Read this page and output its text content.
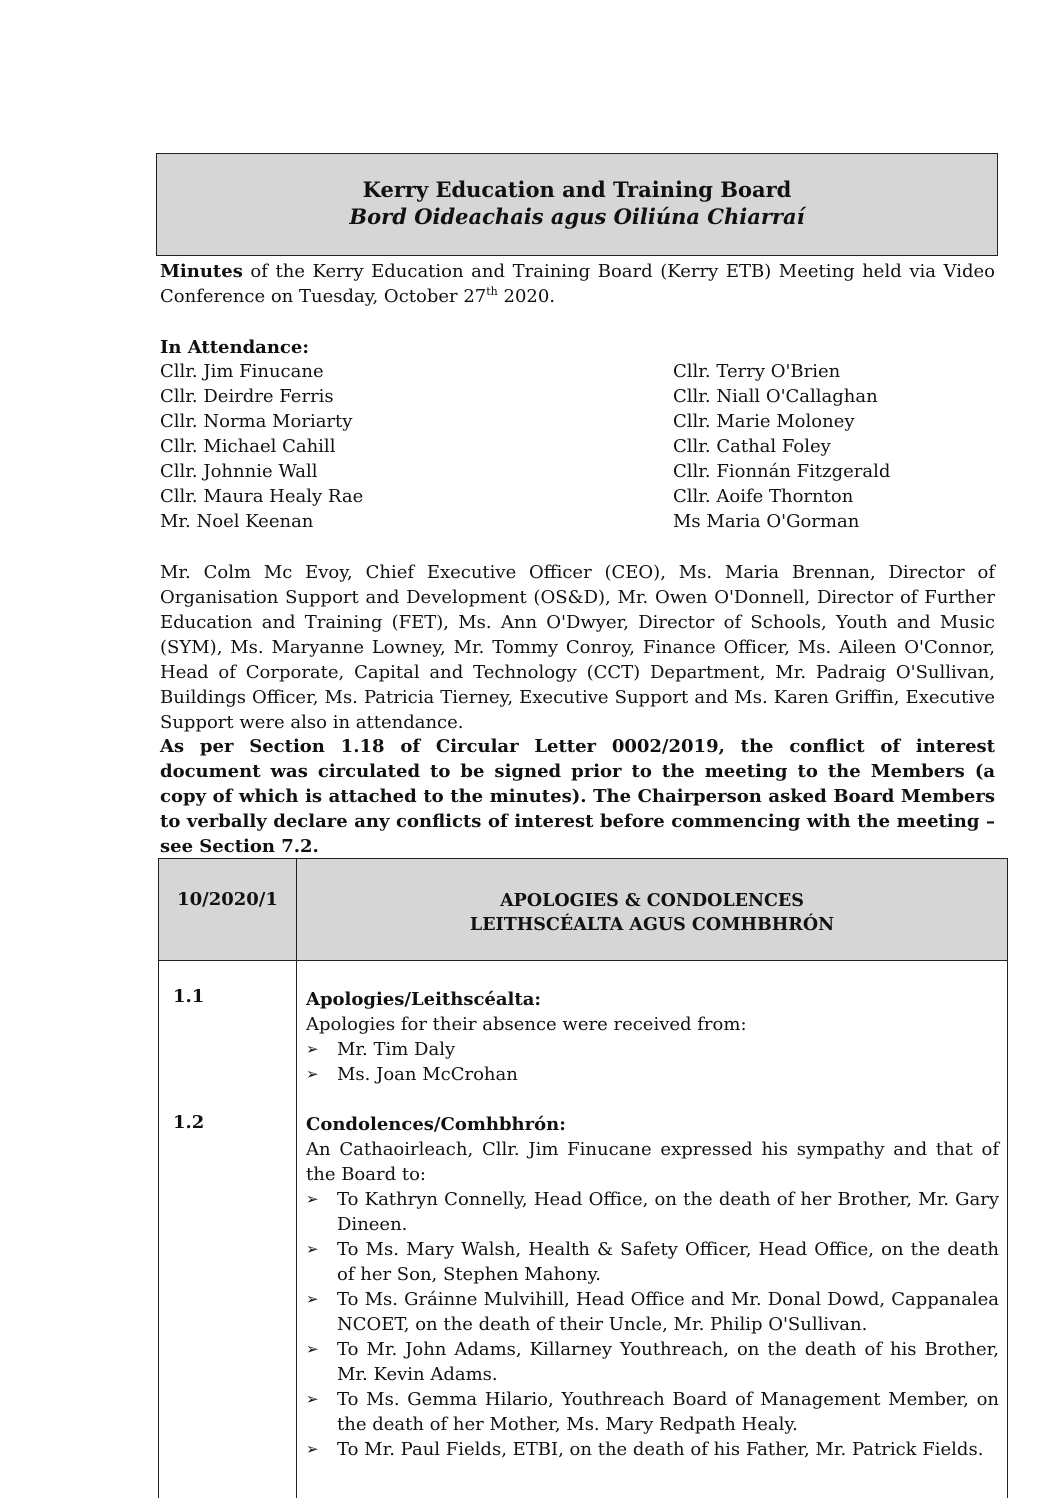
Kerry Education and Training Board
Bord Oideachais agus Oiliúna Chiarraí
Minutes of the Kerry Education and Training Board (Kerry ETB) Meeting held via Video Conference on Tuesday, October 27th 2020.
In Attendance:
Cllr. Jim Finucane
Cllr. Deirdre Ferris
Cllr. Norma Moriarty
Cllr. Michael Cahill
Cllr. Johnnie Wall
Cllr. Maura Healy Rae
Mr. Noel Keenan
Cllr. Terry O'Brien
Cllr. Niall O'Callaghan
Cllr. Marie Moloney
Cllr. Cathal Foley
Cllr. Fionnán Fitzgerald
Cllr. Aoife Thornton
Ms Maria O'Gorman
Mr. Colm Mc Evoy, Chief Executive Officer (CEO), Ms. Maria Brennan, Director of Organisation Support and Development (OS&D), Mr. Owen O'Donnell, Director of Further Education and Training (FET), Ms. Ann O'Dwyer, Director of Schools, Youth and Music (SYM), Ms. Maryanne Lowney, Mr. Tommy Conroy, Finance Officer, Ms. Aileen O'Connor, Head of Corporate, Capital and Technology (CCT) Department, Mr. Padraig O'Sullivan, Buildings Officer, Ms. Patricia Tierney, Executive Support and Ms. Karen Griffin, Executive Support were also in attendance.
As per Section 1.18 of Circular Letter 0002/2019, the conflict of interest document was circulated to be signed prior to the meeting to the Members (a copy of which is attached to the minutes). The Chairperson asked Board Members to verbally declare any conflicts of interest before commencing with the meeting – see Section 7.2.
10/2020/1	APOLOGIES & CONDOLENCES
LEITHSCÉALTA AGUS COMHBHRÓN
1.1	Apologies/Leithscéalta:
Apologies for their absence were received from:
➢ Mr. Tim Daly
➢ Ms. Joan McCrohan
1.2	Condolences/Comhbhrón:
An Cathaoirleach, Cllr. Jim Finucane expressed his sympathy and that of the Board to:
➢ To Kathryn Connelly, Head Office, on the death of her Brother, Mr. Gary Dineen.
➢ To Ms. Mary Walsh, Health & Safety Officer, Head Office, on the death of her Son, Stephen Mahony.
➢ To Ms. Gráinne Mulvihill, Head Office and Mr. Donal Dowd, Cappanalea NCOET, on the death of their Uncle, Mr. Philip O'Sullivan.
➢ To Mr. John Adams, Killarney Youthreach, on the death of his Brother, Mr. Kevin Adams.
➢ To Ms. Gemma Hilario, Youthreach Board of Management Member, on the death of her Mother, Ms. Mary Redpath Healy.
➢ To Mr. Paul Fields, ETBI, on the death of his Father, Mr. Patrick Fields.
